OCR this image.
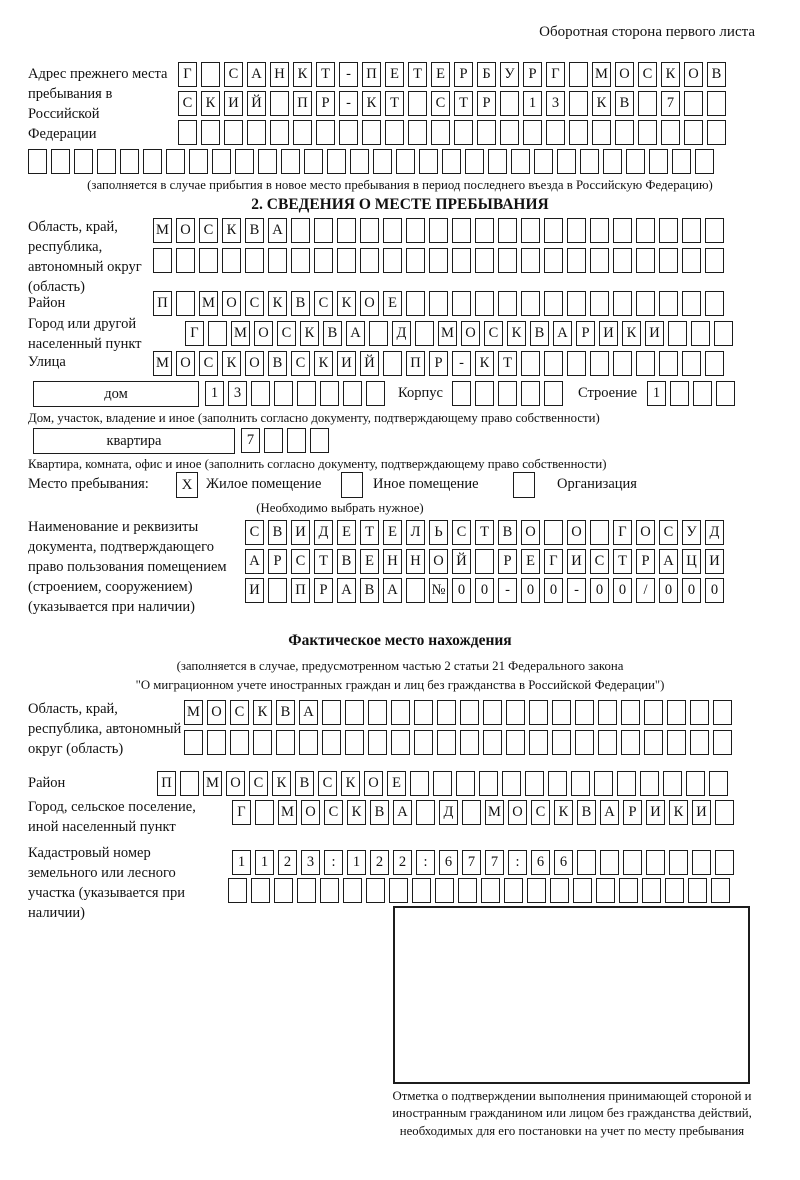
Оборотная сторона первого листа
Адрес прежнего места пребывания в Российской Федерации
Г	С А Н К Т	-	П Е Т Е	Р	Б У Р	Г	М О С К О В
С К И Й П Р	-	К Т	С Т	Р	1	3	К В	7
(заполняется в случае прибытия в новое место пребывания в период последнего въезда в Российскую Федерацию)
2. СВЕДЕНИЯ О МЕСТЕ ПРЕБЫВАНИЯ
Область, край, республика, автономный округ (область)
М О С К В А
Район	П М О С К В С К О Е
Город или другой населенный пункт
Г	М О С К В А	Д	М О С К В А Р И К И
Улица	М О С К О В С К И Й П Р	-	К Т
дом	1	3	Корпус	Строение	1
Дом, участок, владение и иное (заполнить согласно документу, подтверждающему право собственности)
квартира	7
Квартира, комната, офис и иное (заполнить согласно документу, подтверждающему право собственности)
Место пребывания:	X Жилое помещение	Иное помещение	Организация
(Необходимо выбрать нужное)
Наименование и реквизиты документа, подтверждающего право пользования помещением (строением, сооружением) (указывается при наличии)
С В И Д Е Т Е Л Ь С Т В О О	Г О С У Д
А Р С Т В Е Н Н О Й	Р	Е Г И С Т	Р А Ц И
И П Р А В А № 0	0	-	0	0	-	0	0	/	0	0	0
Фактическое место нахождения
(заполняется в случае, предусмотренном частью 2 статьи 21 Федерального закона
"О миграционном учете иностранных граждан и лиц без гражданства в Российской Федерации")
Область, край, республика, автономный округ (область)
М О С К В А
Район	П М О С К В С К О Е
Город, сельское поселение, иной населенный пункт
Г	М О С К В А	Д	М О С К В А Р И К И
Кадастровый номер земельного или лесного участка (указывается при наличии)
1	1	2	3	:	1	2	2	:	6	7	7	:	6	6
Отметка о подтверждении выполнения принимающей стороной и иностранным гражданином или лицом без гражданства действий, необходимых для его постановки на учет по месту пребывания
